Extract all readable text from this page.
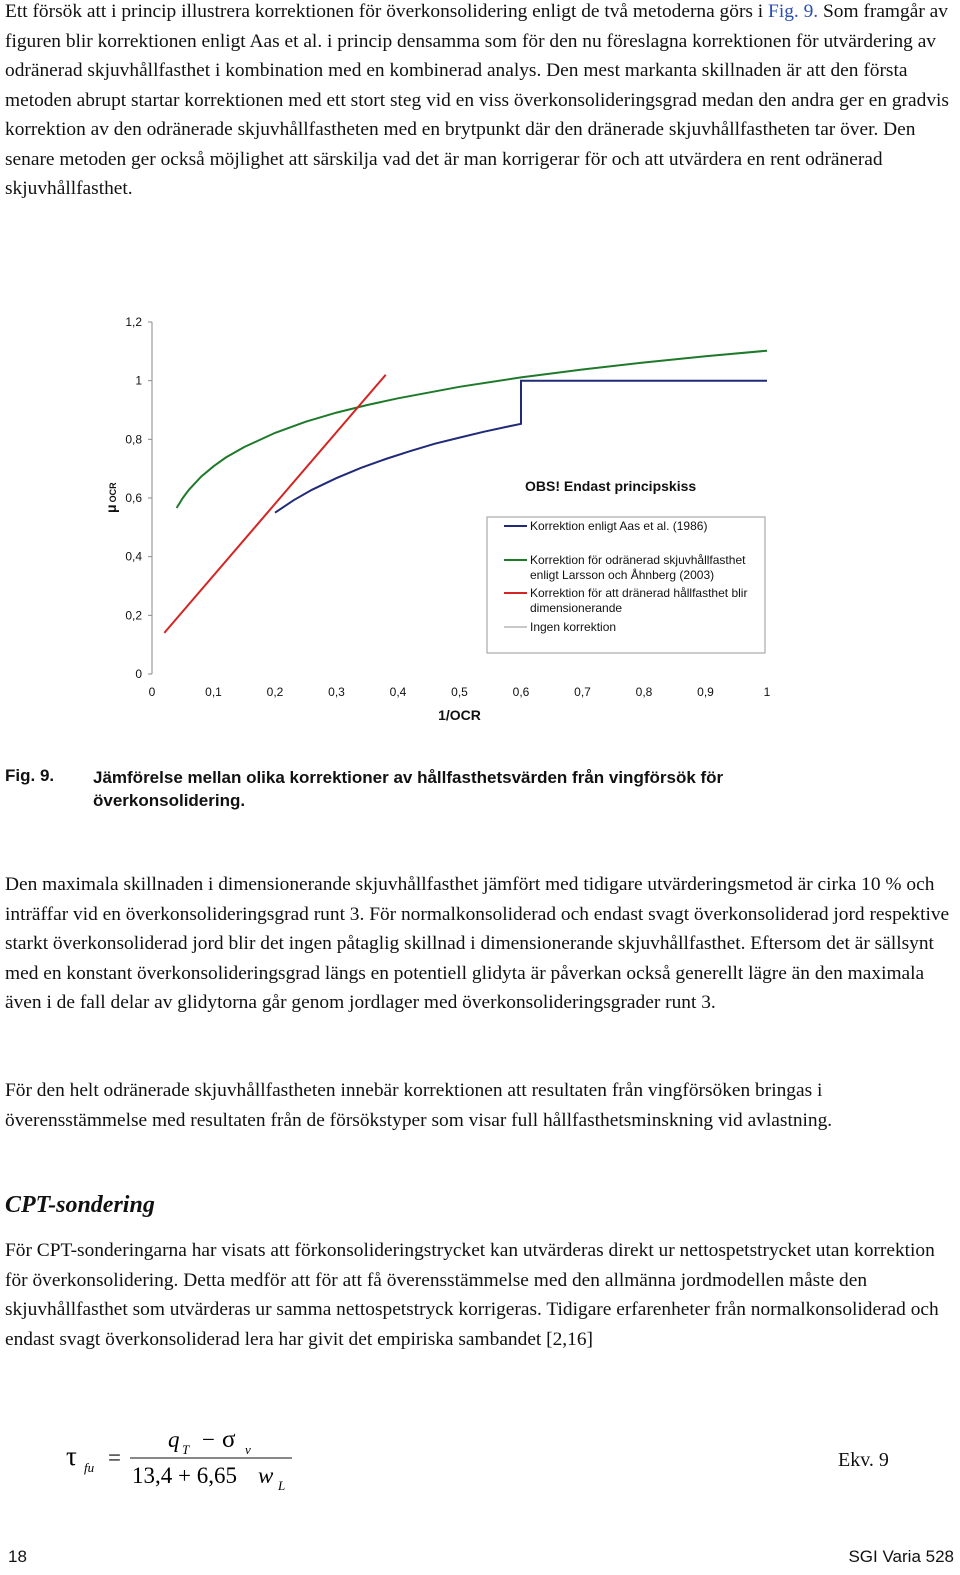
Ett försök att i princip illustrera korrektionen för överkonsolidering enligt de två metoderna görs i Fig. 9. Som framgår av figuren blir korrektionen enligt Aas et al. i princip densamma som för den nu föreslagna korrektionen för utvärdering av odränerad skjuvhållfasthet i kombination med en kombinerad analys. Den mest markanta skillnaden är att den första metoden abrupt startar korrektionen med ett stort steg vid en viss överkonsolideringsgrad medan den andra ger en gradvis korrektion av den odränerade skjuvhållfastheten med en brytpunkt där den dränerade skjuvhållfastheten tar över. Den senare metoden ger också möjlighet att särskilja vad det är man korrigerar för och att utvärdera en rent odränerad skjuvhållfasthet.

0
0,2
0,4
0,6
0,8
1
1,2
0	0,1	0,2	0,3	0,4	0,5	0,6	0,7	0,8	0,9	1
1/OCR
μOCR	OBS! Endast principskiss
Korrektion enligt Aas et al. (1986)
Korrektion för odränerad skjuvhållfasthet
enligt Larsson och Åhnberg (2003)
Korrektion för att dränerad hållfasthet blir
dimensionerande
Ingen korrektion
Fig. 9. Jämförelse mellan olika korrektioner av hållfasthetsvärden från vingförsök för överkonsolidering.

Den maximala skillnaden i dimensionerande skjuvhållfasthet jämfört med tidigare utvärderingsmetod är cirka 10 % och inträffar vid en överkonsolideringsgrad runt 3. För normalkonsoliderad och endast svagt överkonsoliderad jord respektive starkt överkonsoliderad jord blir det ingen påtaglig skillnad i dimensionerande skjuvhållfasthet. Eftersom det är sällsynt med en konstant överkonsolideringsgrad längs en potentiell glidyta är påverkan också generellt lägre än den maximala även i de fall delar av glidytorna går genom jordlager med överkonsolideringsgrader runt 3.

För den helt odränerade skjuvhållfastheten innebär korrektionen att resultaten från vingförsöken bringas i överensstämmelse med resultaten från de försökstyper som visar full hållfasthetsminskning vid avlastning.

CPT-sondering

För CPT-sonderingarna har visats att förkonsolideringstrycket kan utvärderas direkt ur nettospetstrycket utan korrektion för överkonsolidering. Detta medför att för att få överensstämmelse med den allmänna jordmodellen måste den skjuvhållfasthet som utvärderas ur samma nettospetstryck korrigeras. Tidigare erfarenheter från normalkonsoliderad och endast svagt överkonsoliderad lera har givit det empiriska sambandet [2,16]

τ fu =
q T − σ v
13,4 + 6,65 w L
Ekv. 9
18	SGI Varia 528
